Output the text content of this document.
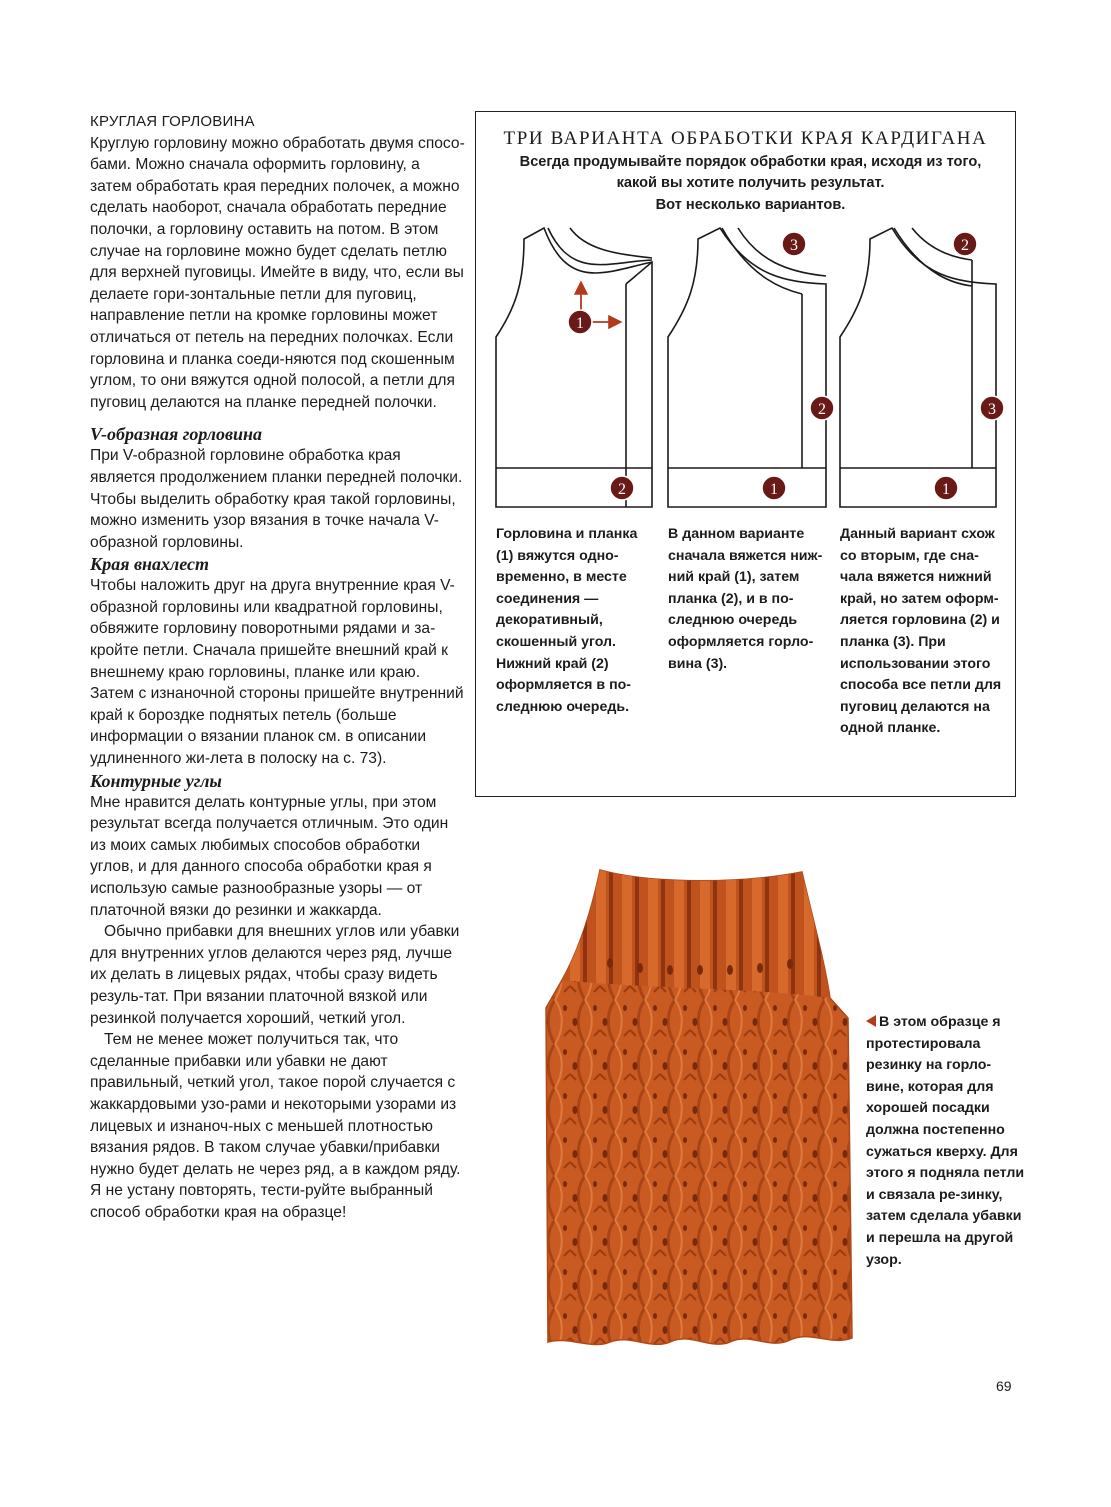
КРУГЛАЯ ГОРЛОВИНА

Круглую горловину можно обработать двумя спосо-бами. Можно сначала оформить горловину, а затем обработать края передних полочек, а можно сделать наоборот, сначала обработать передние полочки, а горловину оставить на потом. В этом случае на горловине можно будет сделать петлю для верхней пуговицы. Имейте в виду, что, если вы делаете гори-зонтальные петли для пуговиц, направление петли на кромке горловины может отличаться от петель на передних полочках. Если горловина и планка соеди-няются под скошенным углом, то они вяжутся одной полосой, а петли для пуговиц делаются на планке передней полочки.

V-образная горловина

При V-образной горловине обработка края является продолжением планки передней полочки. Чтобы выделить обработку края такой горловины, можно изменить узор вязания в точке начала V-образной горловины.

Края внахлест

Чтобы наложить друг на друга внутренние края V-образной горловины или квадратной горловины, обвяжите горловину поворотными рядами и за-кройте петли. Сначала пришейте внешний край к внешнему краю горловины, планке или краю. Затем с изнаночной стороны пришейте внутренний край к бороздке поднятых петель (больше информации о вязании планок см. в описании удлиненного жи-лета в полоску на с. 73).

Контурные углы

Мне нравится делать контурные углы, при этом результат всегда получается отличным. Это один из моих самых любимых способов обработки углов, и для данного способа обработки края я использую самые разнообразные узоры — от платочной вязки до резинки и жаккарда.

Обычно прибавки для внешних углов или убавки для внутренних углов делаются через ряд, лучше их делать в лицевых рядах, чтобы сразу видеть резуль-тат. При вязании платочной вязкой или резинкой получается хороший, четкий угол.

Тем не менее может получиться так, что сделанные прибавки или убавки не дают правильный, четкий угол, такое порой случается с жаккардовыми узо-рами и некоторыми узорами из лицевых и изнаноч-ных с меньшей плотностью вязания рядов. В таком случае убавки/прибавки нужно будет делать не через ряд, а в каждом ряду. Я не устану повторять, тести-руйте выбранный способ обработки края на образце!

ТРИ ВАРИАНТА ОБРАБОТКИ КРАЯ КАРДИГАНА
Всегда продумывайте порядок обработки края, исходя из того,
какой вы хотите получить результат.
Вот несколько вариантов.
1
2
3
2
1
2
3
1
Горловина и планка (1) вяжутся одно-временно, в месте соединения — декоративный, скошенный угол. Нижний край (2) оформляется в по-следнюю очередь.
В данном варианте сначала вяжется ниж-ний край (1), затем планка (2), и в по-следнюю очередь оформляется горло-вина (3).
Данный вариант схож со вторым, где сна-чала вяжется нижний край, но затем оформ-ляется горловина (2) и планка (3). При использовании этого способа все петли для пуговиц делаются на одной планке.
В этом образце я протестировала резинку на горло-вине, которая для хорошей посадки должна постепенно сужаться кверху. Для этого я подняла петли и связала ре-зинку, затем сделала убавки и перешла на другой узор.
69
